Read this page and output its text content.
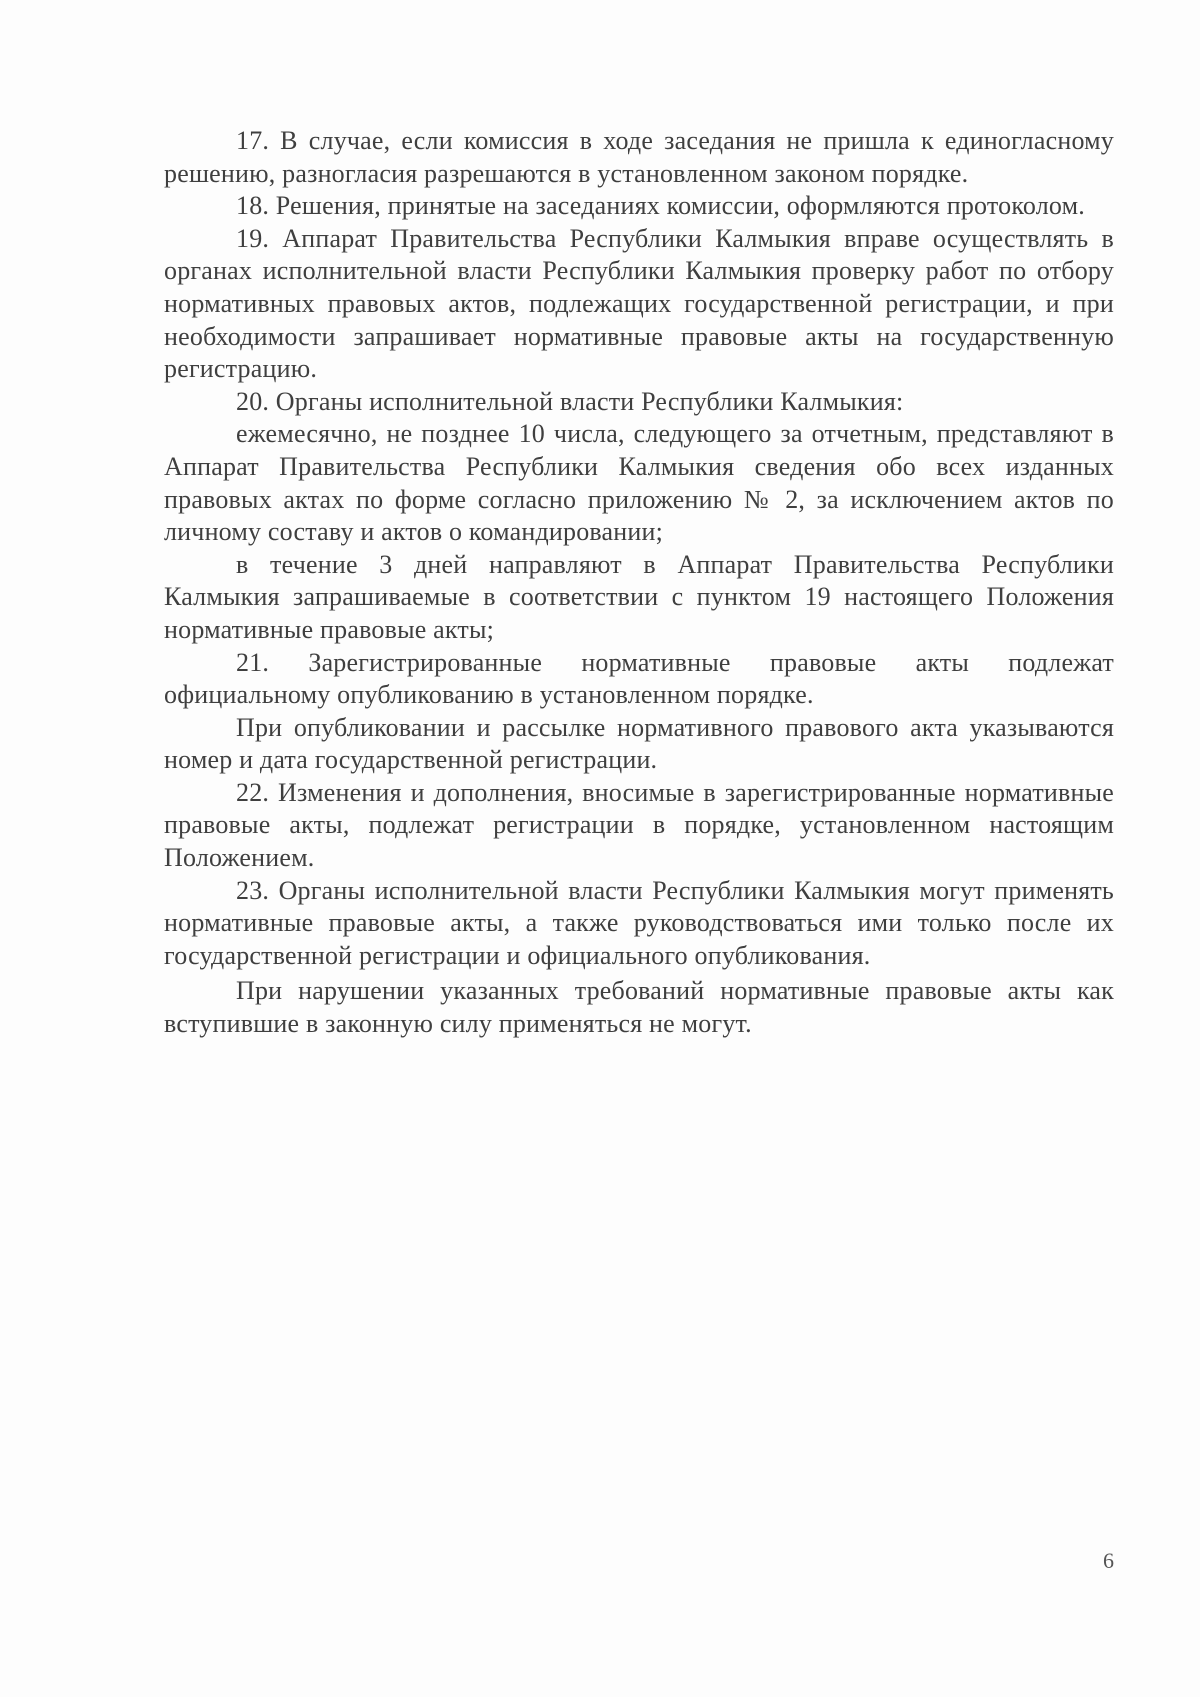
17. В случае, если комиссия в ходе заседания не пришла к единогласному решению, разногласия разрешаются в установленном законом порядке.

18. Решения, принятые на заседаниях комиссии, оформляются протоколом.

19. Аппарат Правительства Республики Калмыкия вправе осуществлять в органах исполнительной власти Республики Калмыкия проверку работ по отбору нормативных правовых актов, подлежащих государственной регистрации, и при необходимости запрашивает нормативные правовые акты на государственную регистрацию.

20. Органы исполнительной власти Республики Калмыкия:

ежемесячно, не позднее 10 числа, следующего за отчетным, представляют в Аппарат Правительства Республики Калмыкия сведения обо всех изданных правовых актах по форме согласно приложению № 2, за исключением актов по личному составу и актов о командировании;

в течение 3 дней направляют в Аппарат Правительства Республики Калмыкия запрашиваемые в соответствии с пунктом 19 настоящего Положения нормативные правовые акты;

21. Зарегистрированные нормативные правовые акты подлежат официальному опубликованию в установленном порядке.

При опубликовании и рассылке нормативного правового акта указываются номер и дата государственной регистрации.

22. Изменения и дополнения, вносимые в зарегистрированные нормативные правовые акты, подлежат регистрации в порядке, установленном настоящим Положением.

23. Органы исполнительной власти Республики Калмыкия могут применять нормативные правовые акты, а также руководствоваться ими только после их государственной регистрации и официального опубликования.

При нарушении указанных требований нормативные правовые акты как вступившие в законную силу применяться не могут.

6
